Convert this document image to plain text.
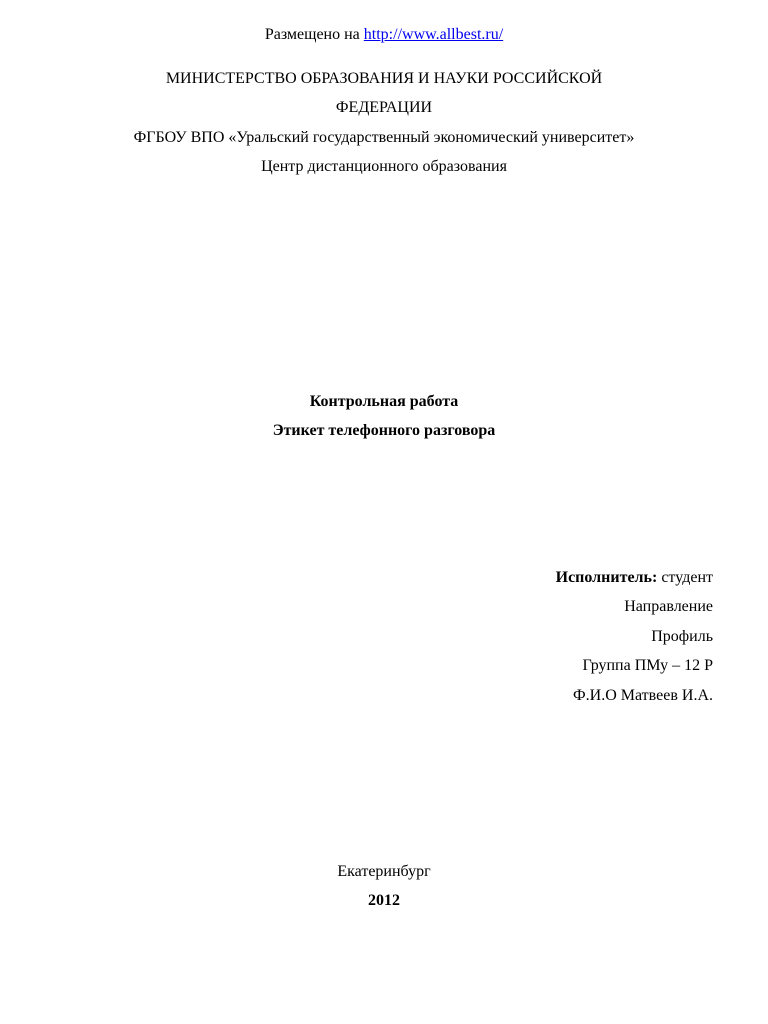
Размещено на http://www.allbest.ru/
МИНИСТЕРСТВО ОБРАЗОВАНИЯ И НАУКИ РОССИЙСКОЙ
ФЕДЕРАЦИИ
ФГБОУ ВПО «Уральский государственный экономический университет»
Центр дистанционного образования
Контрольная работа
Этикет телефонного разговора
Исполнитель: студент
Направление
Профиль
Группа ПМу – 12 Р
Ф.И.О Матвеев И.А.
Екатеринбург
2012
